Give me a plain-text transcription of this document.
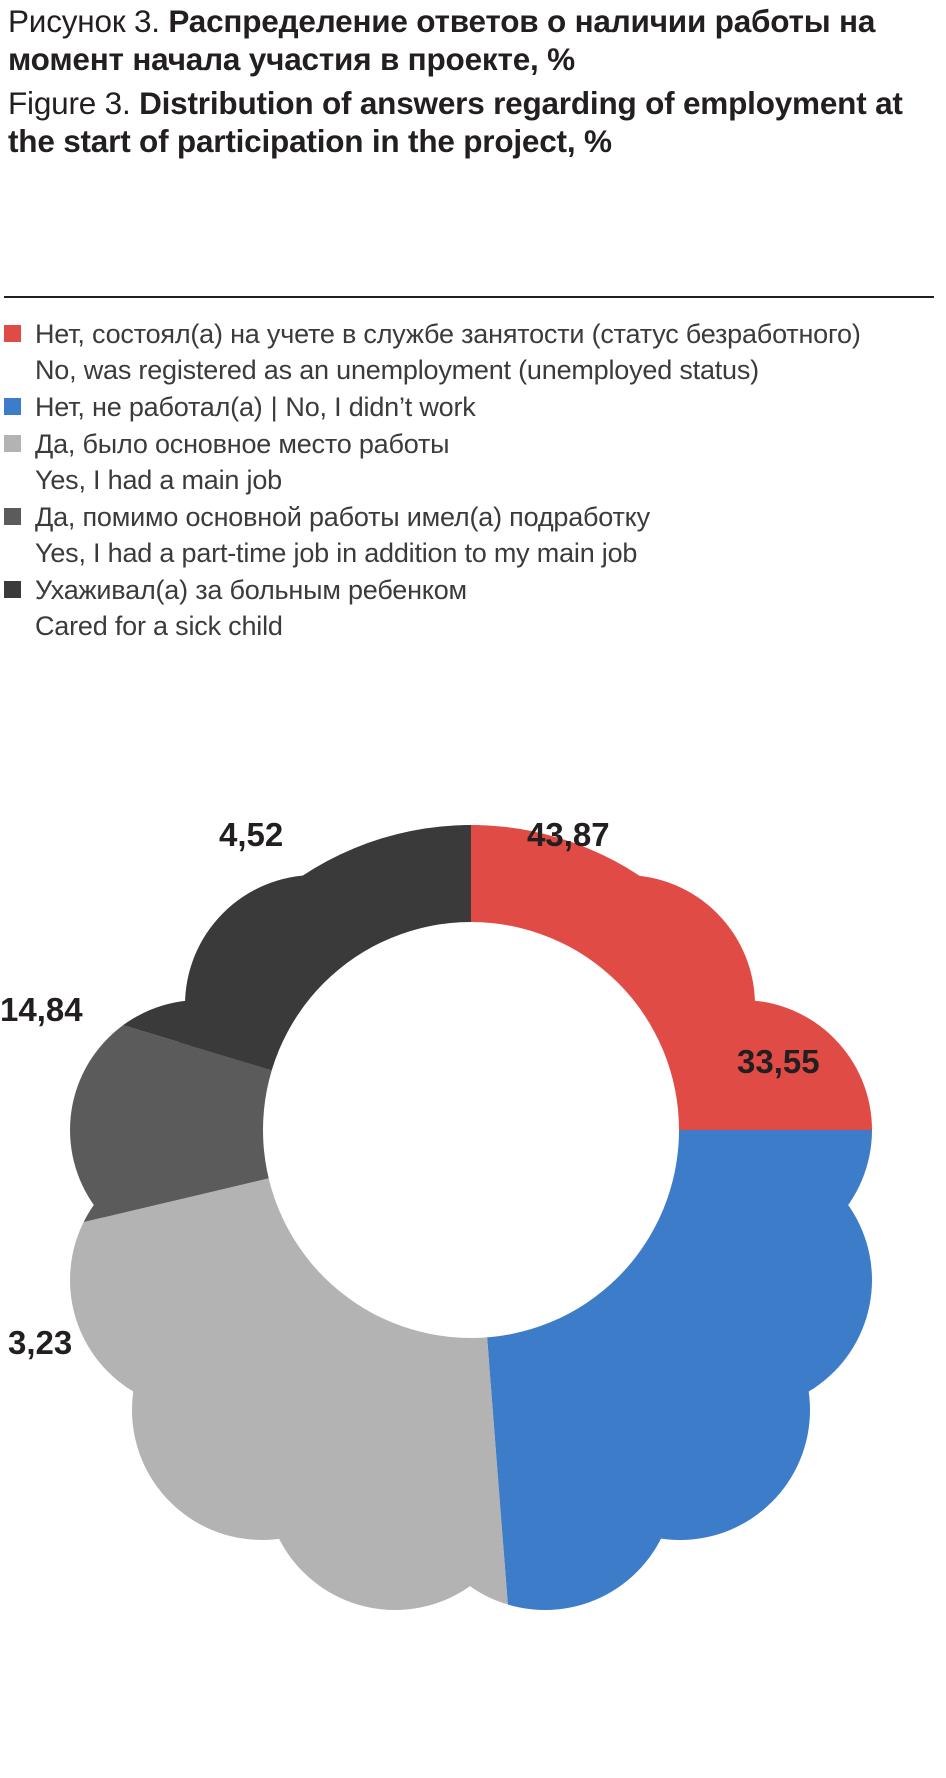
Рисунок 3. Распределение ответов о наличии работы на момент начала участия в проекте, %
Figure 3. Distribution of answers regarding of employment at the start of participation in the project, %
Нет, состоял(а) на учете в службе занятости (статус безработного)
No, was registered as an unemployment (unemployed status)
Нет, не работал(а) | No, I didn’t work
Да, было основное место работы
Yes, I had a main job
Да, помимо основной работы имел(а) подработку
Yes, I had a part-time job in addition to my main job
Ухаживал(а) за больным ребенком
Cared for a sick child
43,87
33,55
3,23
14,84
4,52
